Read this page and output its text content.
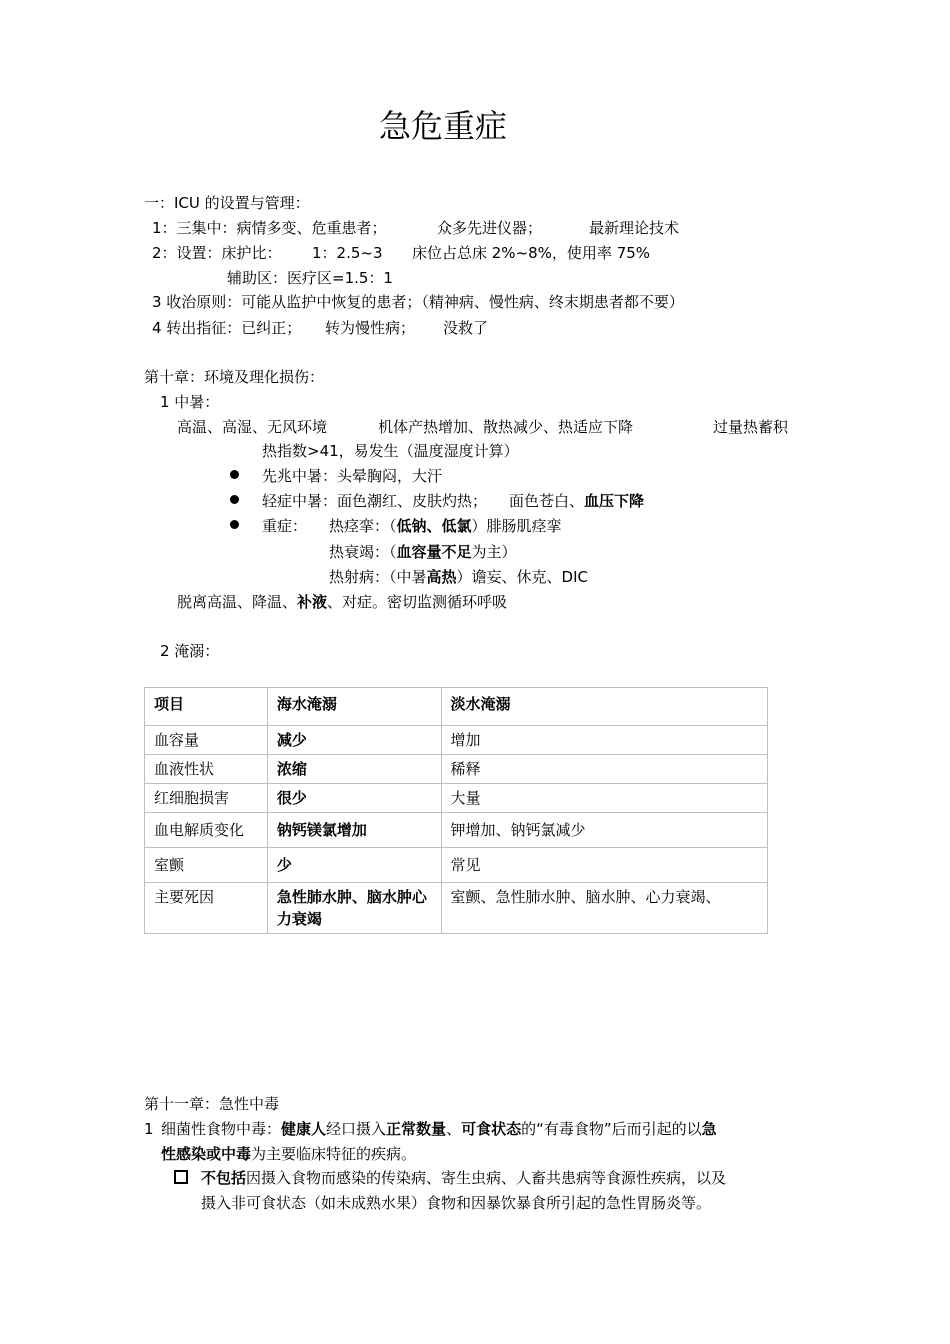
急危重症
一：ICU 的设置与管理：
1：三集中：病情多变、危重患者；	众多先进仪器；	最新理论技术
2：设置：床护比： 1：2.5~3 床位占总床 2%~8%，使用率 75%
辅助区：医疗区=1.5：1
3 收治原则：可能从监护中恢复的患者；（精神病、慢性病、终末期患者都不要）
4 转出指征：已纠正； 转为慢性病； 没救了
第十章：环境及理化损伤：
1 中暑：
高温、高湿、无风环境	机体产热增加、散热减少、热适应下降	过量热蓄积
热指数>41，易发生（温度湿度计算）
先兆中暑：头晕胸闷，大汗
轻症中暑：面色潮红、皮肤灼热； 面色苍白、血压下降
重症： 热痉挛：（低钠、低氯）腓肠肌痉挛
热衰竭：（血容量不足为主）
热射病：（中暑高热）谵妄、休克、DIC
脱离高温、降温、补液、对症。密切监测循环呼吸
2 淹溺：
项目	海水淹溺	淡水淹溺
血容量	减少	增加
血液性状	浓缩	稀释
红细胞损害	很少	大量
血电解质变化	钠钙镁氯增加	钾增加、钠钙氯减少
室颤	少	常见
主要死因	急性肺水肿、脑水肿心力衰竭	室颤、急性肺水肿、脑水肿、心力衰竭、
第十一章：急性中毒
1 细菌性食物中毒：健康人经口摄入正常数量、可食状态的“有毒食物”后而引起的以急
性感染或中毒为主要临床特征的疾病。
不包括因摄入食物而感染的传染病、寄生虫病、人畜共患病等食源性疾病，以及
摄入非可食状态（如未成熟水果）食物和因暴饮暴食所引起的急性胃肠炎等。
